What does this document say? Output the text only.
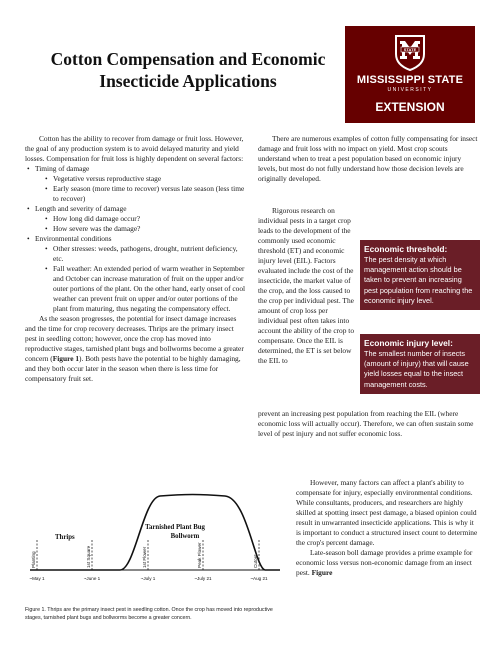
Cotton Compensation and Economic Insecticide Applications
STATE
MISSISSIPPI STATE
UNIVERSITY
EXTENSION

Cotton has the ability to recover from damage or fruit loss. However, the goal of any production system is to avoid delayed maturity and yield losses. Compensation for fruit loss is highly dependent on several factors:

• Timing of damage
• Vegetative versus reproductive stage
• Early season (more time to recover) versus late season (less time to recover)
• Length and severity of damage
• How long did damage occur?
• How severe was the damage?
• Environmental conditions
• Other stresses: weeds, pathogens, drought, nutrient deficiency, etc.
• Fall weather: An extended period of warm weather in September and October can increase maturation of fruit on the upper and/or outer portions of the plant. On the other hand, early onset of cool weather can prevent fruit on upper and/or outer portions of the plant from maturing, thus negating the compensatory effect.

As the season progresses, the potential for insect damage increases and the time for crop recovery decreases. Thrips are the primary insect pest in seedling cotton; however, once the crop has moved into reproductive stages, tarnished plant bugs and bollworms become a greater concern (Figure 1). Both pests have the potential to be highly damaging, and they both occur later in the season when there is less time for compensatory fruit set.

There are numerous examples of cotton fully compensating for insect damage and fruit loss with no impact on yield. Most crop scouts understand when to treat a pest population based on economic injury levels, but most do not fully understand how those decision levels are originally developed.

Rigorous research on individual pests in a target crop leads to the development of the commonly used economic threshold (ET) and economic injury level (EIL). Factors evaluated include the cost of the insecticide, the market value of the crop, and the loss caused to the crop per individual pest. The amount of crop loss per individual pest often takes into account the ability of the crop to compensate. Once the EIL is determined, the ET is set below the EIL to

prevent an increasing pest population from reaching the EIL (where economic loss will actually occur). Therefore, we can often sustain some level of pest injury and not suffer economic loss.

However, many factors can affect a plant's ability to compensate for injury, especially environmental conditions. While consultants, producers, and researchers are highly skilled at spotting insect pest damage, a biased opinion could result in unwarranted insecticide applications. This is why it is important to conduct a structured insect count to determine the crop's percent damage.

Late-season boll damage provides a prime example for economic loss versus non-economic damage from an insect pest. Figure

Economic threshold:
The pest density at which management action should be taken to prevent an increasing pest population from reaching the economic injury level.
Economic injury level:
The smallest number of insects (amount of injury) that will cause yield losses equal to the insect management costs.
Thrips
Tarnished Plant Bug
Bollworm
Planting
~May 1
1st Square
~June 1
1st Flower
~July 1
Peak Flower
~July 21
Cutout
~Aug 21
Figure 1. Thrips are the primary insect pest in seedling cotton. Once the crop has moved into reproductive stages, tarnished plant bugs and bollworms become a greater concern.
